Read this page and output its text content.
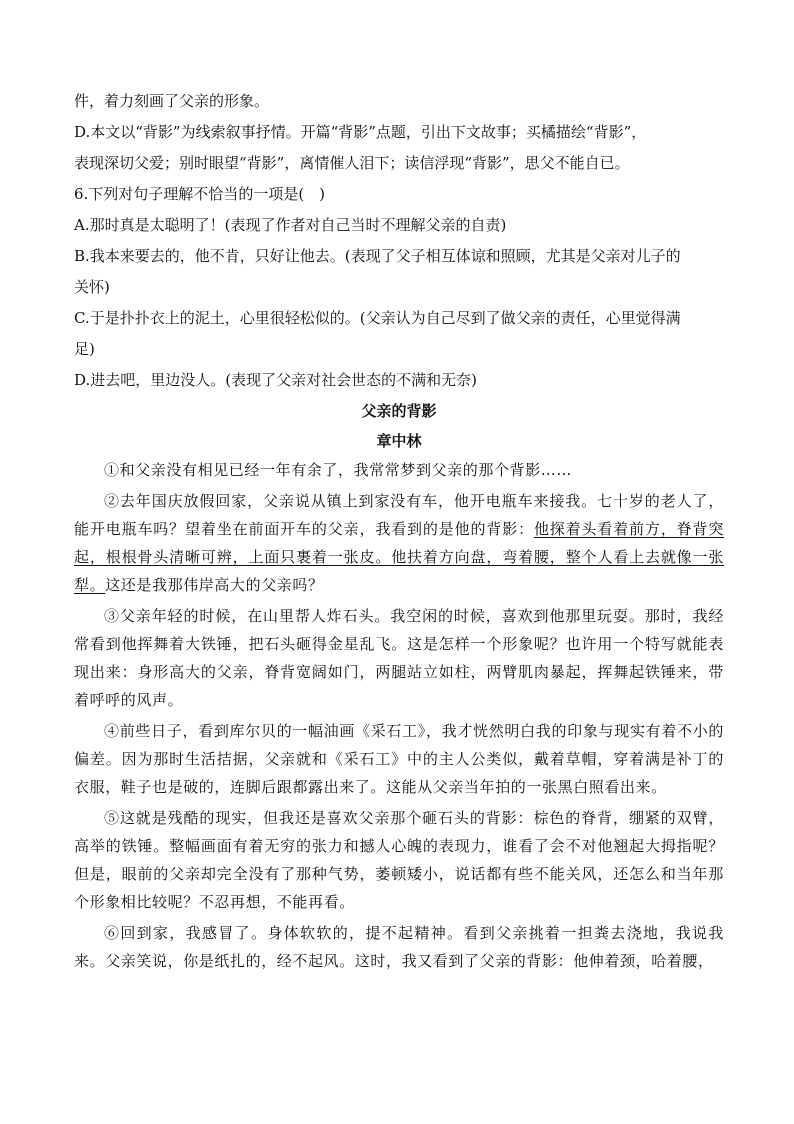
件，着力刻画了父亲的形象。
D.本文以“背影”为线索叙事抒情。开篇“背影”点题，引出下文故事；买橘描绘“背影”，
表现深切父爱；别时眼望“背影”，离情催人泪下；读信浮现“背影”，思父不能自已。
6.下列对句子理解不恰当的一项是(　)
A.那时真是太聪明了！(表现了作者对自己当时不理解父亲的自责)
B.我本来要去的，他不肯，只好让他去。(表现了父子相互体谅和照顾，尤其是父亲对儿子的
关怀)
C.于是扑扑衣上的泥土，心里很轻松似的。(父亲认为自己尽到了做父亲的责任，心里觉得满
足)
D.进去吧，里边没人。(表现了父亲对社会世态的不满和无奈)
父亲的背影
章中林

①和父亲没有相见已经一年有余了，我常常梦到父亲的那个背影……

②去年国庆放假回家，父亲说从镇上到家没有车，他开电瓶车来接我。七十岁的老人了，能开电瓶车吗？望着坐在前面开车的父亲，我看到的是他的背影：他探着头看着前方，脊背突起，根根骨头清晰可辨，上面只裹着一张皮。他扶着方向盘，弯着腰，整个人看上去就像一张犁。这还是我那伟岸高大的父亲吗？

③父亲年轻的时候，在山里帮人炸石头。我空闲的时候，喜欢到他那里玩耍。那时，我经常看到他挥舞着大铁锤，把石头砸得金星乱飞。这是怎样一个形象呢？也许用一个特写就能表现出来：身形高大的父亲，脊背宽阔如门，两腿站立如柱，两臂肌肉暴起，挥舞起铁锤来，带着呼呼的风声。

④前些日子，看到库尔贝的一幅油画《采石工》，我才恍然明白我的印象与现实有着不小的偏差。因为那时生活拮据，父亲就和《采石工》中的主人公类似，戴着草帽，穿着满是补丁的衣服，鞋子也是破的，连脚后跟都露出来了。这能从父亲当年拍的一张黑白照看出来。

⑤这就是残酷的现实，但我还是喜欢父亲那个砸石头的背影：棕色的脊背，绷紧的双臂，高举的铁锤。整幅画面有着无穷的张力和撼人心魄的表现力，谁看了会不对他翘起大拇指呢？但是，眼前的父亲却完全没有了那种气势，萎顿矮小，说话都有些不能关风，还怎么和当年那个形象相比较呢？不忍再想，不能再看。

⑥回到家，我感冒了。身体软软的，提不起精神。看到父亲挑着一担粪去浇地，我说我来。父亲笑说，你是纸扎的，经不起风。这时，我又看到了父亲的背影：他伸着颈，哈着腰，
